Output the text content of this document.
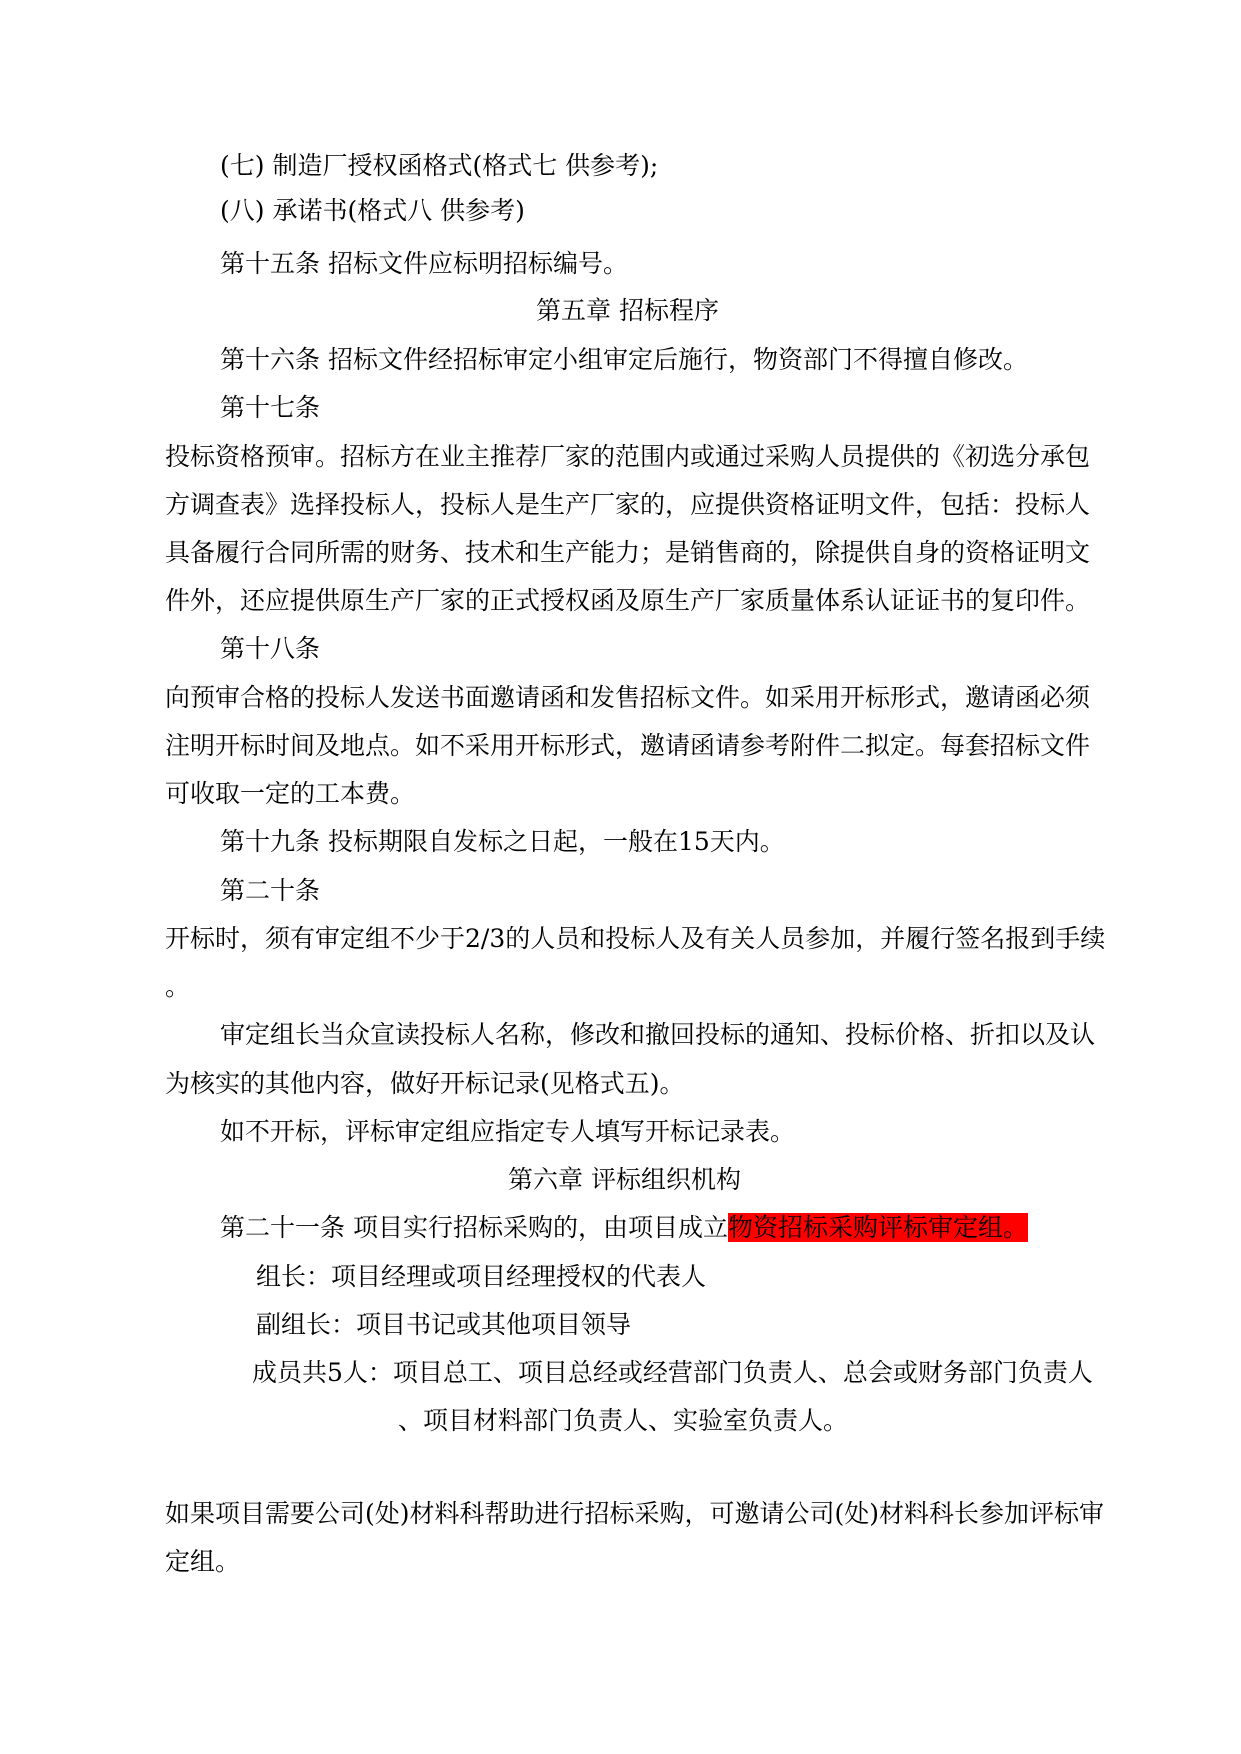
(七) 制造厂授权函格式(格式七 供参考);
(八) 承诺书(格式八 供参考)
第十五条 招标文件应标明招标编号。
第五章 招标程序
第十六条 招标文件经招标审定小组审定后施行，物资部门不得擅自修改。
第十七条
投标资格预审。招标方在业主推荐厂家的范围内或通过采购人员提供的《初选分承包
方调查表》选择投标人，投标人是生产厂家的，应提供资格证明文件，包括：投标人
具备履行合同所需的财务、技术和生产能力；是销售商的，除提供自身的资格证明文
件外，还应提供原生产厂家的正式授权函及原生产厂家质量体系认证证书的复印件。
第十八条
向预审合格的投标人发送书面邀请函和发售招标文件。如采用开标形式，邀请函必须
注明开标时间及地点。如不采用开标形式，邀请函请参考附件二拟定。每套招标文件
可收取一定的工本费。
第十九条 投标期限自发标之日起，一般在15天内。
第二十条
开标时，须有审定组不少于2/3的人员和投标人及有关人员参加，并履行签名报到手续
。
审定组长当众宣读投标人名称，修改和撤回投标的通知、投标价格、折扣以及认
为核实的其他内容，做好开标记录(见格式五)。
如不开标，评标审定组应指定专人填写开标记录表。
第六章 评标组织机构
第二十一条 项目实行招标采购的，由项目成立物资招标采购评标审定组。
组长：项目经理或项目经理授权的代表人
副组长：项目书记或其他项目领导
成员共5人：项目总工、项目总经或经营部门负责人、总会或财务部门负责人
、项目材料部门负责人、实验室负责人。
如果项目需要公司(处)材料科帮助进行招标采购，可邀请公司(处)材料科长参加评标审
定组。
